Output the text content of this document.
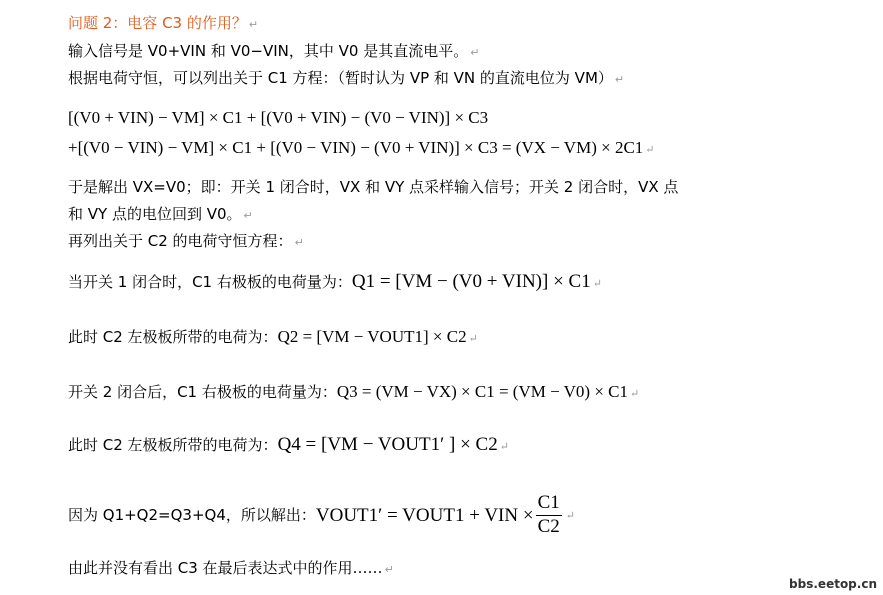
问题 2：电容 C3 的作用？ ↵
输入信号是 V0+VIN 和 V0−VIN，其中 V0 是其直流电平。 ↵
根据电荷守恒，可以列出关于 C1 方程：（暂时认为 VP 和 VN 的直流电位为 VM） ↵
[(V0 + VIN) − VM] × C1 + [(V0 + VIN) − (V0 − VIN)] × C3
+[(V0 − VIN) − VM] × C1 + [(V0 − VIN) − (V0 + VIN)] × C3 = (VX − VM) × 2C1 ↵
于是解出 VX=V0；即：开关 1 闭合时，VX 和 VY 点采样输入信号；开关 2 闭合时，VX 点
和 VY 点的电位回到 V0。 ↵
再列出关于 C2 的电荷守恒方程： ↵
当开关 1 闭合时，C1 右极板的电荷量为：Q1 = [VM − (V0 + VIN)] × C1 ↵
此时 C2 左极板所带的电荷为：Q2 = [VM − VOUT1] × C2 ↵
开关 2 闭合后，C1 右极板的电荷量为：Q3 = (VM − VX) × C1 = (VM − V0) × C1 ↵
此时 C2 左极板所带的电荷为：Q4 = [VM − VOUT1′ ] × C2 ↵
因为 Q1+Q2=Q3+Q4，所以解出：VOUT1′ = VOUT1 + VIN × $\frac{C1}{C2}$ ↵
由此并没有看出 C3 在最后表达式中的作用…… ↵
bbs.eetop.cn
